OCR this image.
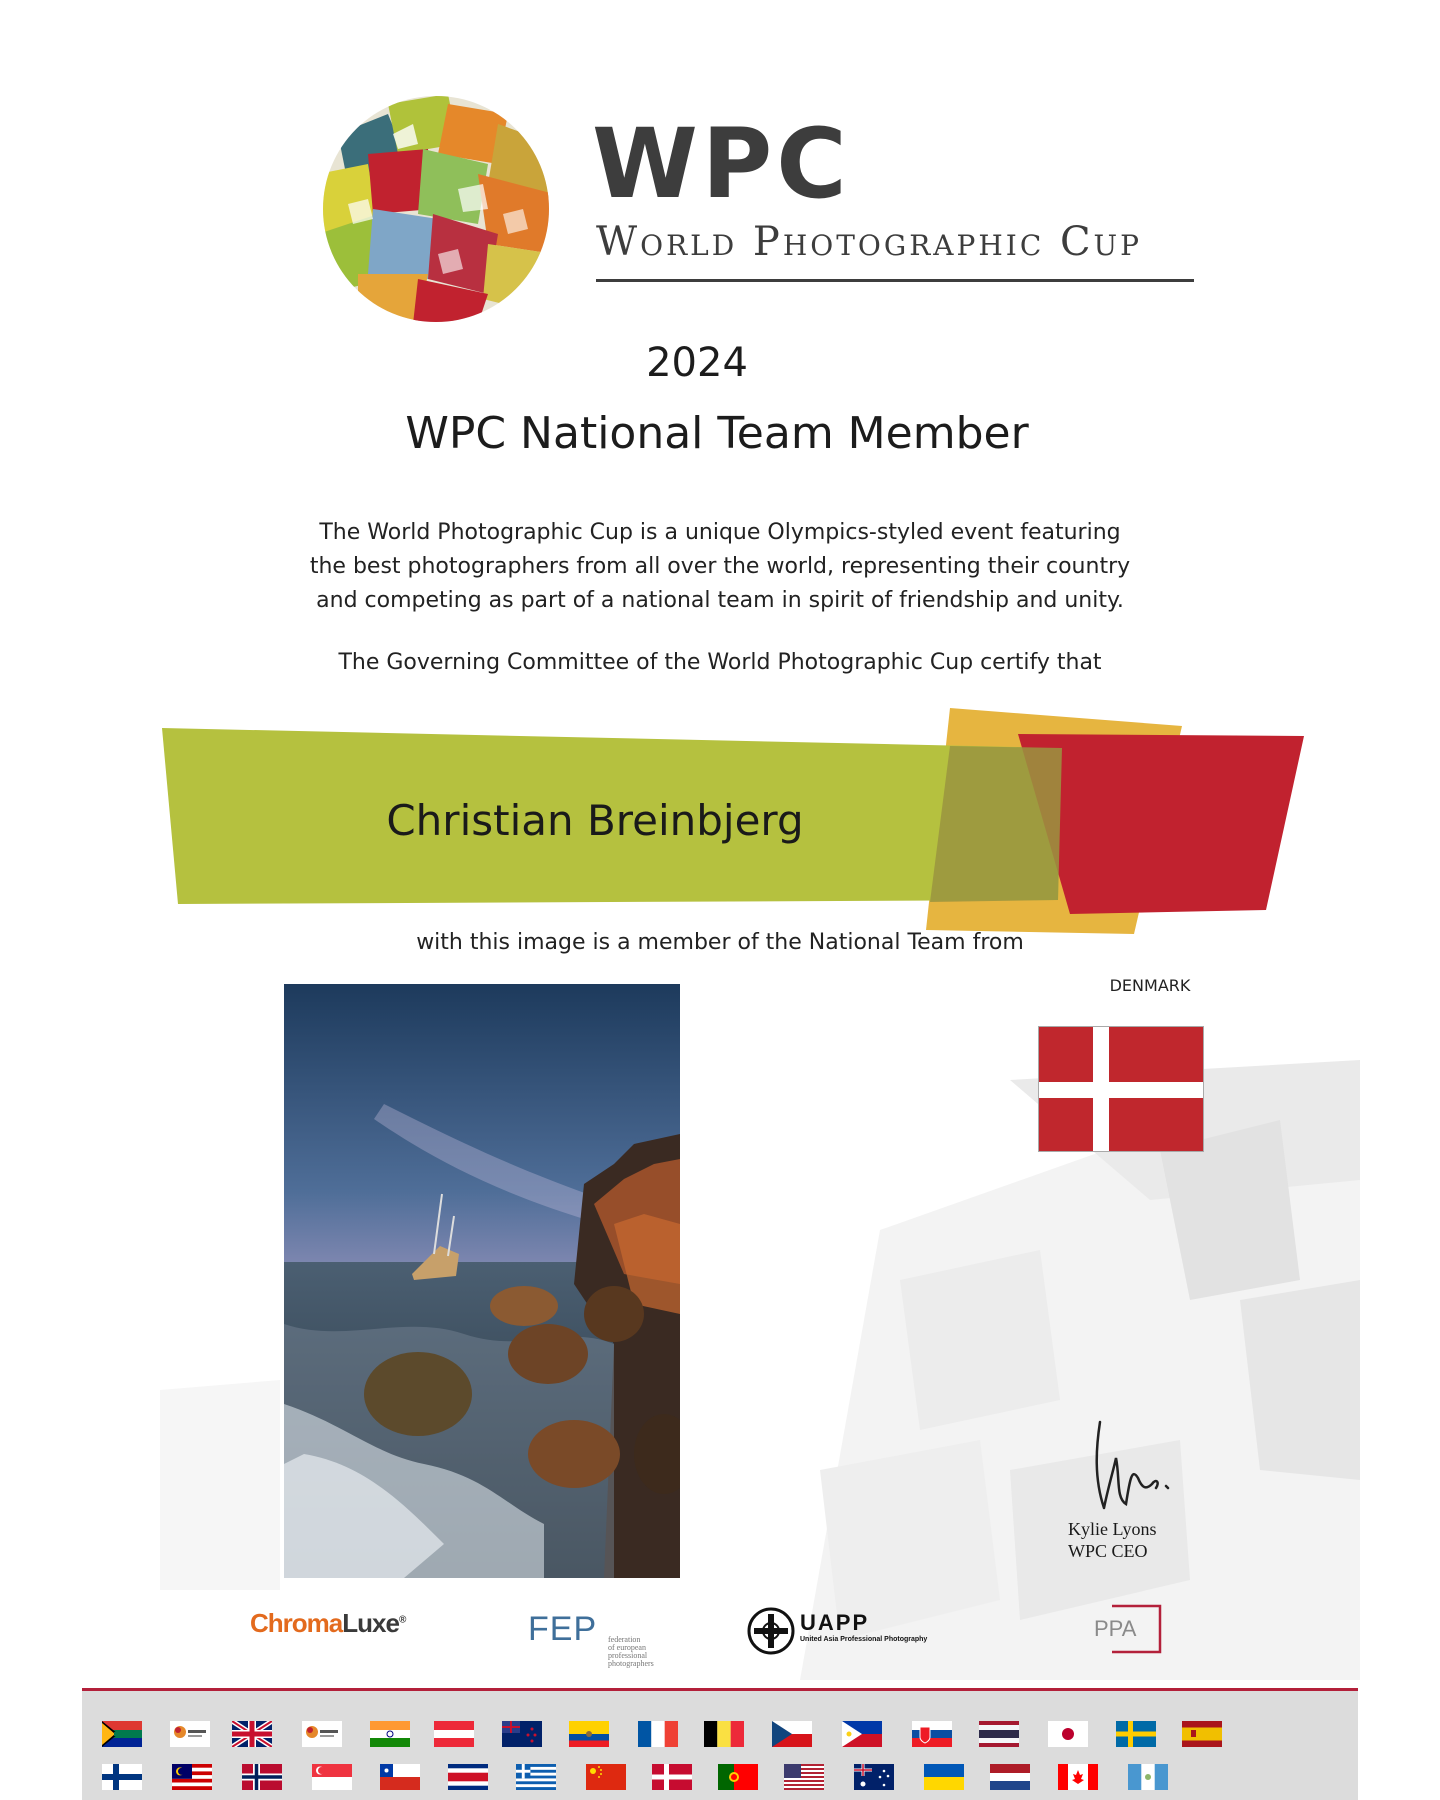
WPC
World Photographic Cup
2024
WPC National Team Member
The World Photographic Cup is a unique Olympics-styled event featuring
the best photographers from all over the world, representing their country
and competing as part of a national team in spirit of friendship and unity.
The Governing Committee of the World Photographic Cup certify that
Christian Breinbjerg
with this image is a member of the National Team from
DENMARK
Kylie Lyons
WPC CEO
ChromaLuxe®	FEP federation
of european
professional
photographers
UAPP
United Asia Professional Photography	PPA
